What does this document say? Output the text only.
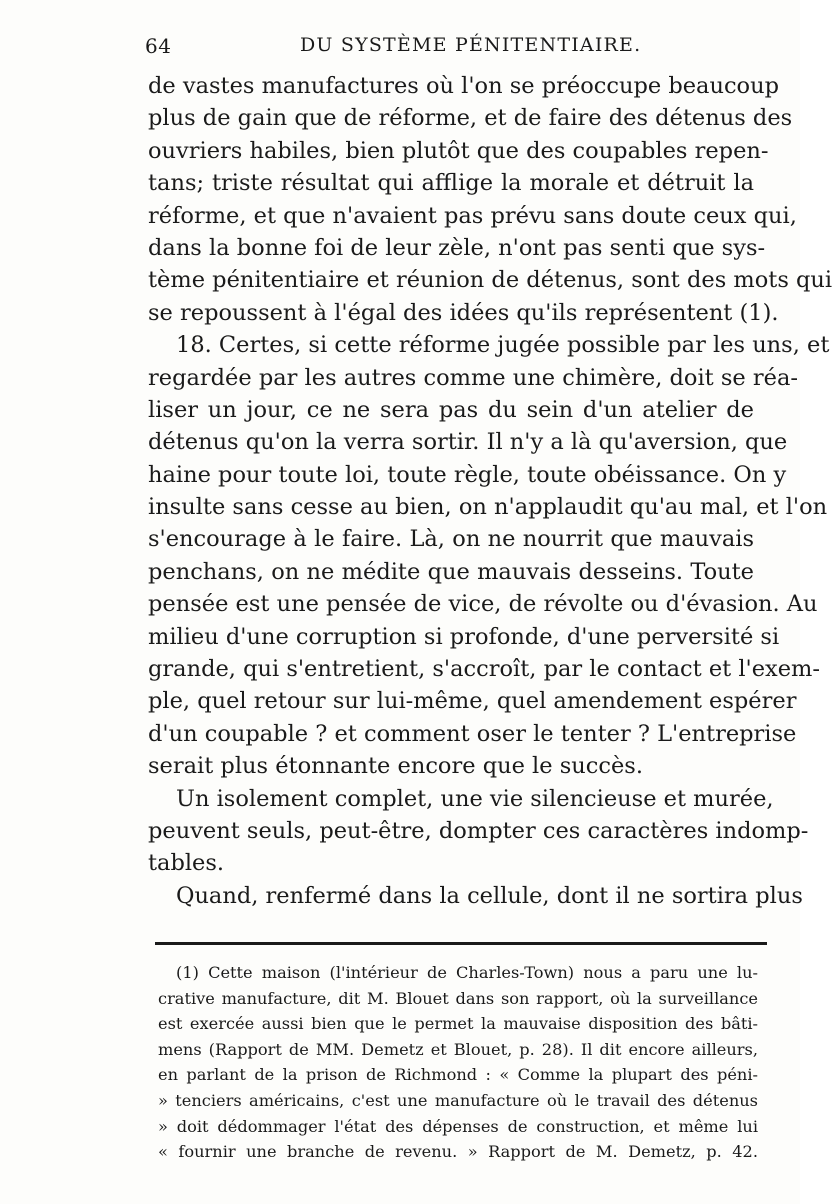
64	DU SYSTÈME PÉNITENTIAIRE.
de vastes manufactures où l'on se préoccupe beaucoup
plus de gain que de réforme, et de faire des détenus des
ouvriers habiles, bien plutôt que des coupables repen-
tans; triste résultat qui afflige la morale et détruit la
réforme, et que n'avaient pas prévu sans doute ceux qui,
dans la bonne foi de leur zèle, n'ont pas senti que sys-
tème pénitentiaire et réunion de détenus, sont des mots qui
se repoussent à l'égal des idées qu'ils représentent (1).
18. Certes, si cette réforme jugée possible par les uns, et
regardée par les autres comme une chimère, doit se réa-
liser un jour, ce ne sera pas du sein d'un atelier de
détenus qu'on la verra sortir. Il n'y a là qu'aversion, que
haine pour toute loi, toute règle, toute obéissance. On y
insulte sans cesse au bien, on n'applaudit qu'au mal, et l'on
s'encourage à le faire. Là, on ne nourrit que mauvais
penchans, on ne médite que mauvais desseins. Toute
pensée est une pensée de vice, de révolte ou d'évasion. Au
milieu d'une corruption si profonde, d'une perversité si
grande, qui s'entretient, s'accroît, par le contact et l'exem-
ple, quel retour sur lui-même, quel amendement espérer
d'un coupable ? et comment oser le tenter ? L'entreprise
serait plus étonnante encore que le succès.
Un isolement complet, une vie silencieuse et murée,
peuvent seuls, peut-être, dompter ces caractères indomp-
tables.
Quand, renfermé dans la cellule, dont il ne sortira plus
(1) Cette maison (l'intérieur de Charles-Town) nous a paru une lu-
crative manufacture, dit M. Blouet dans son rapport, où la surveillance
est exercée aussi bien que le permet la mauvaise disposition des bâti-
mens (Rapport de MM. Demetz et Blouet, p. 28). Il dit encore ailleurs,
en parlant de la prison de Richmond : « Comme la plupart des péni-
» tenciers américains, c'est une manufacture où le travail des détenus
» doit dédommager l'état des dépenses de construction, et même lui
« fournir une branche de revenu. » Rapport de M. Demetz, p. 42.
